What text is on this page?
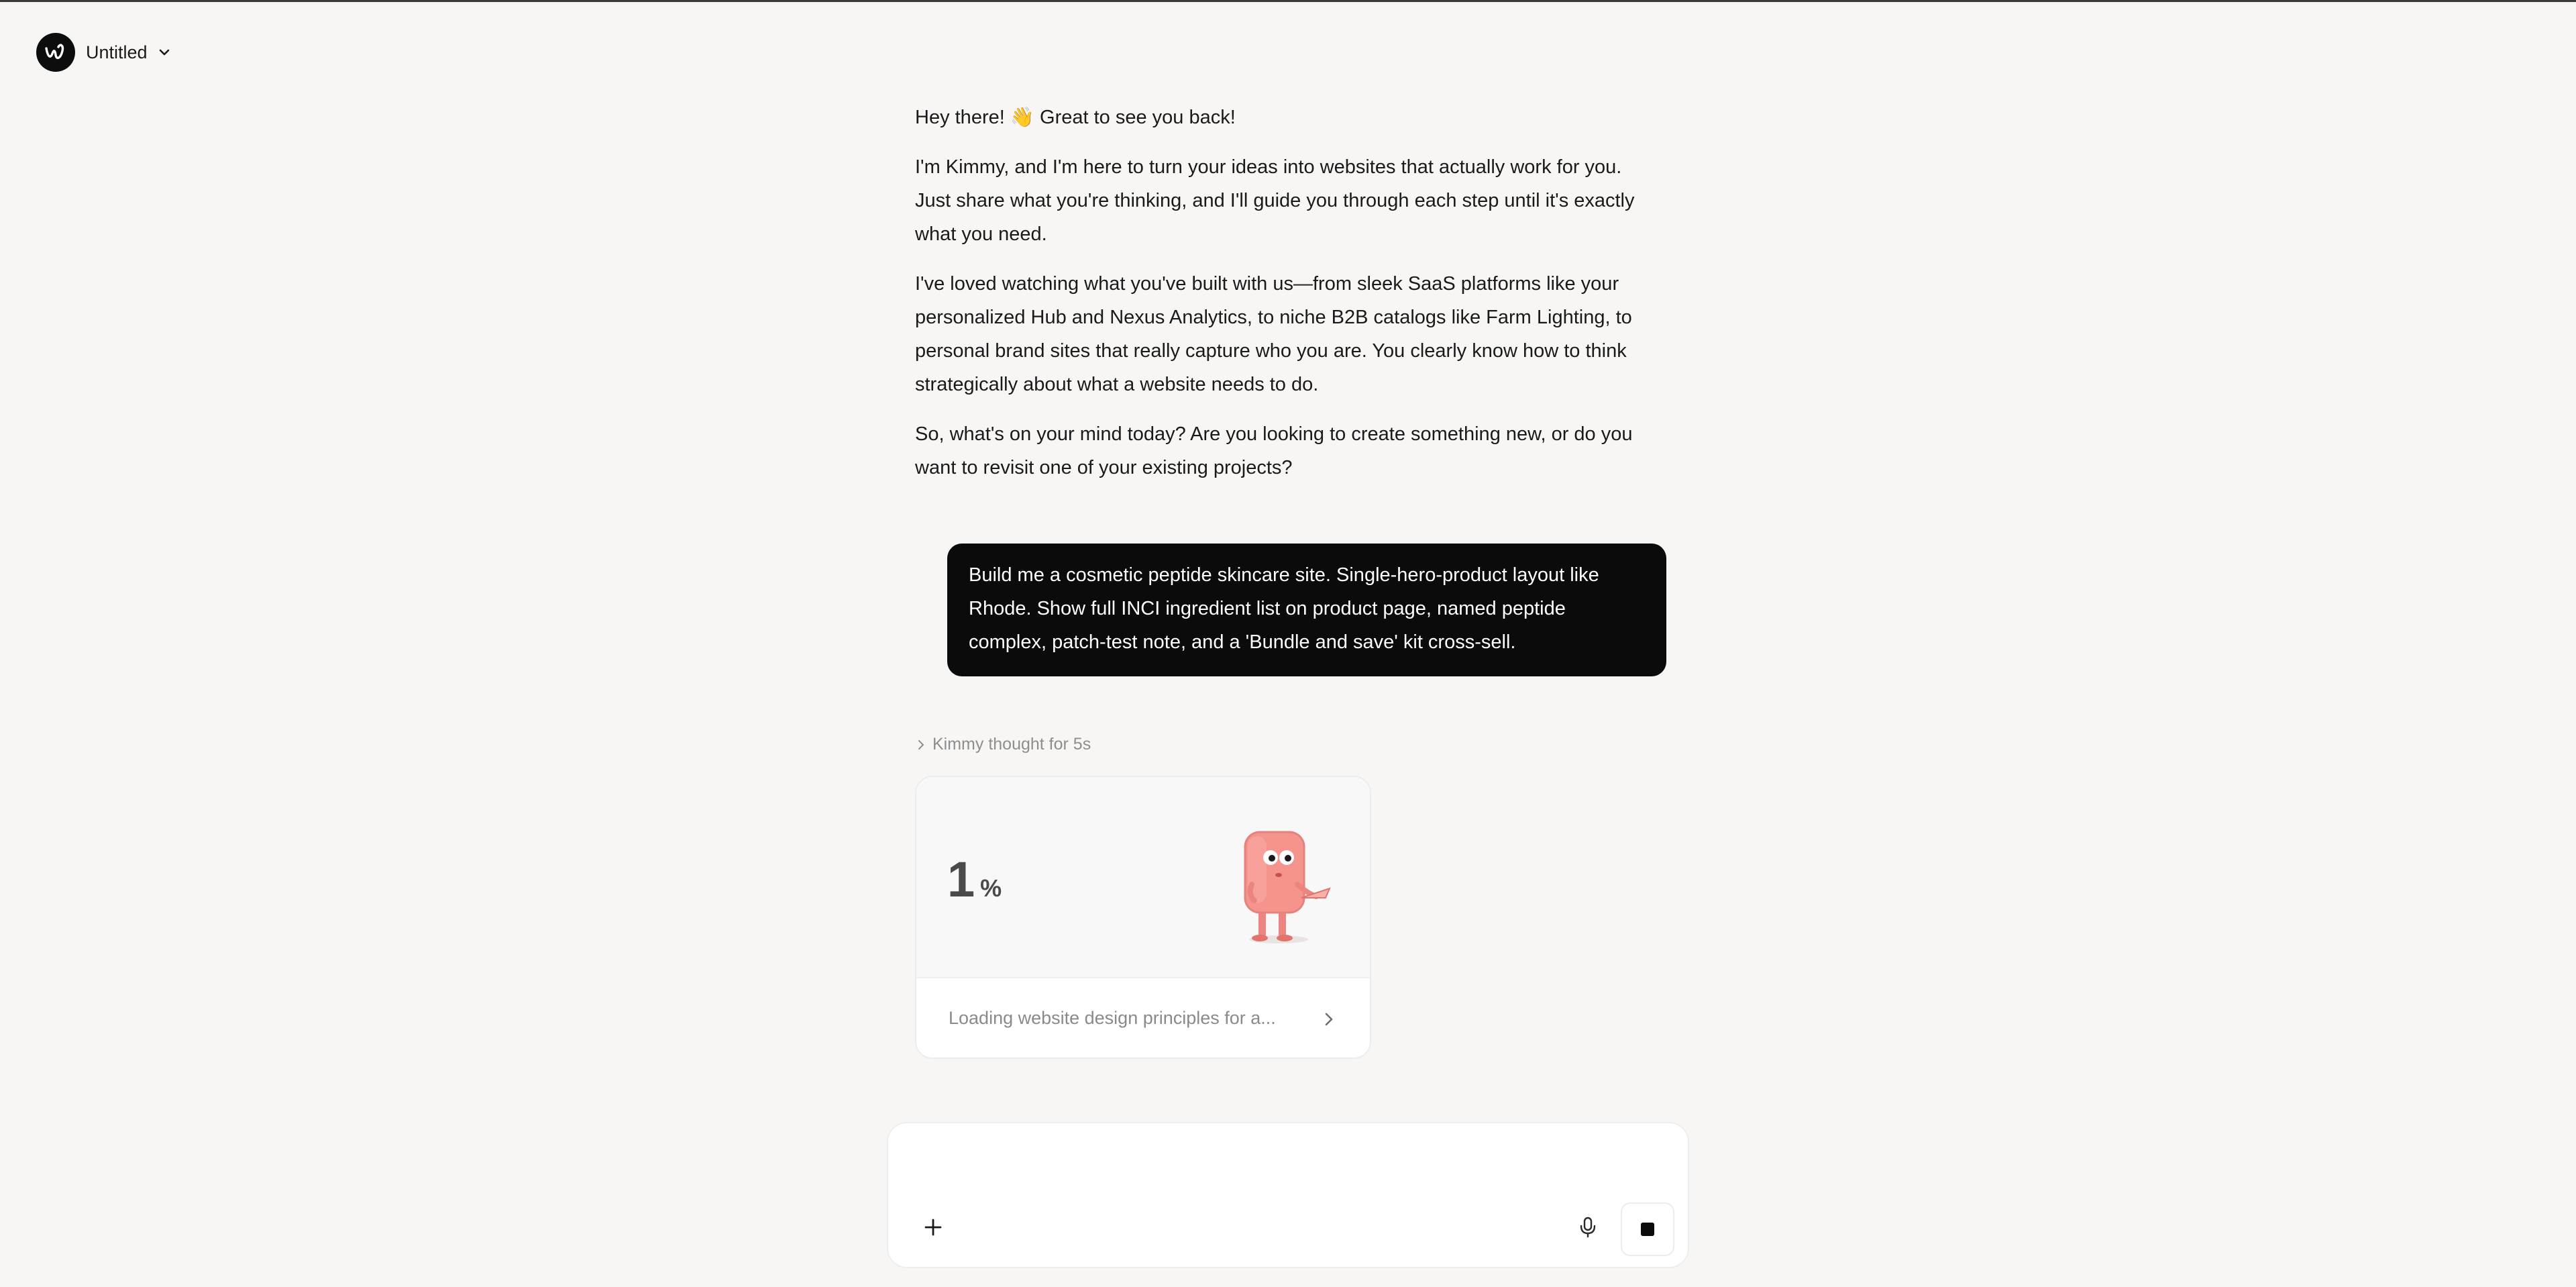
Untitled

Hey there! 👋 Great to see you back!

I'm Kimmy, and I'm here to turn your ideas into websites that actually work for you. Just share what you're thinking, and I'll guide you through each step until it's exactly what you need.

I've loved watching what you've built with us—from sleek SaaS platforms like your personalized Hub and Nexus Analytics, to niche B2B catalogs like Farm Lighting, to personal brand sites that really capture who you are. You clearly know how to think strategically about what a website needs to do.

So, what's on your mind today? Are you looking to create something new, or do you want to revisit one of your existing projects?

Build me a cosmetic peptide skincare site. Single-hero-product layout like Rhode. Show full INCI ingredient list on product page, named peptide complex, patch-test note, and a 'Bundle and save' kit cross-sell.
Kimmy thought for 5s
1 %
Loading website design principles for a...
